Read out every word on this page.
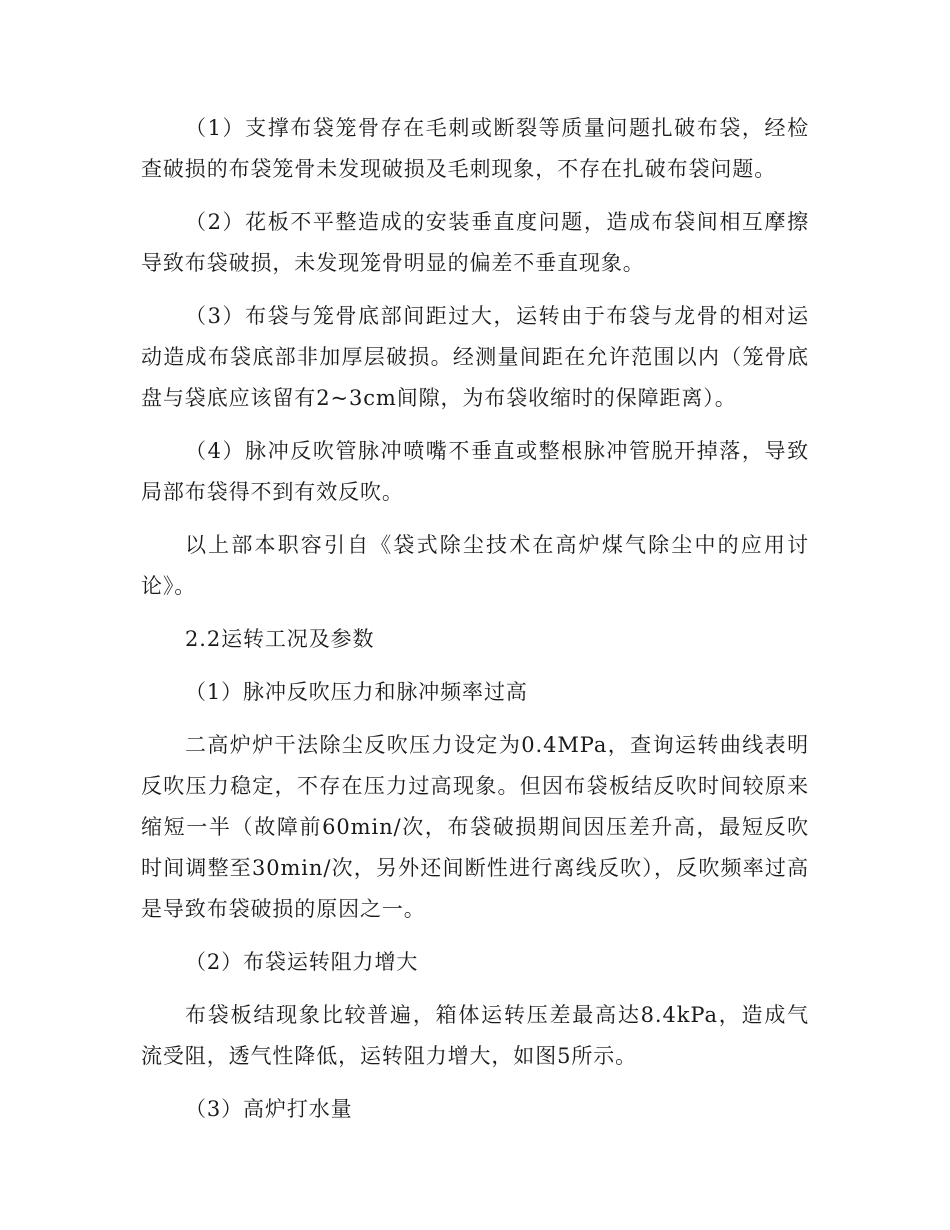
（1）支撑布袋笼骨存在毛刺或断裂等质量问题扎破布袋，经检查破损的布袋笼骨未发现破损及毛刺现象，不存在扎破布袋问题。

（2）花板不平整造成的安装垂直度问题，造成布袋间相互摩擦导致布袋破损，未发现笼骨明显的偏差不垂直现象。

（3）布袋与笼骨底部间距过大，运转由于布袋与龙骨的相对运动造成布袋底部非加厚层破损。经测量间距在允许范围以内（笼骨底盘与袋底应该留有2~3cm间隙，为布袋收缩时的保障距离）。

（4）脉冲反吹管脉冲喷嘴不垂直或整根脉冲管脱开掉落，导致局部布袋得不到有效反吹。

以上部本职容引自《袋式除尘技术在高炉煤气除尘中的应用讨论》。

2.2运转工况及参数

（1）脉冲反吹压力和脉冲频率过高

二高炉炉干法除尘反吹压力设定为0.4MPa，查询运转曲线表明反吹压力稳定，不存在压力过高现象。但因布袋板结反吹时间较原来缩短一半（故障前60min/次，布袋破损期间因压差升高，最短反吹时间调整至30min/次，另外还间断性进行离线反吹），反吹频率过高是导致布袋破损的原因之一。

（2）布袋运转阻力增大

布袋板结现象比较普遍，箱体运转压差最高达8.4kPa，造成气流受阻，透气性降低，运转阻力增大，如图5所示。

（3）高炉打水量
